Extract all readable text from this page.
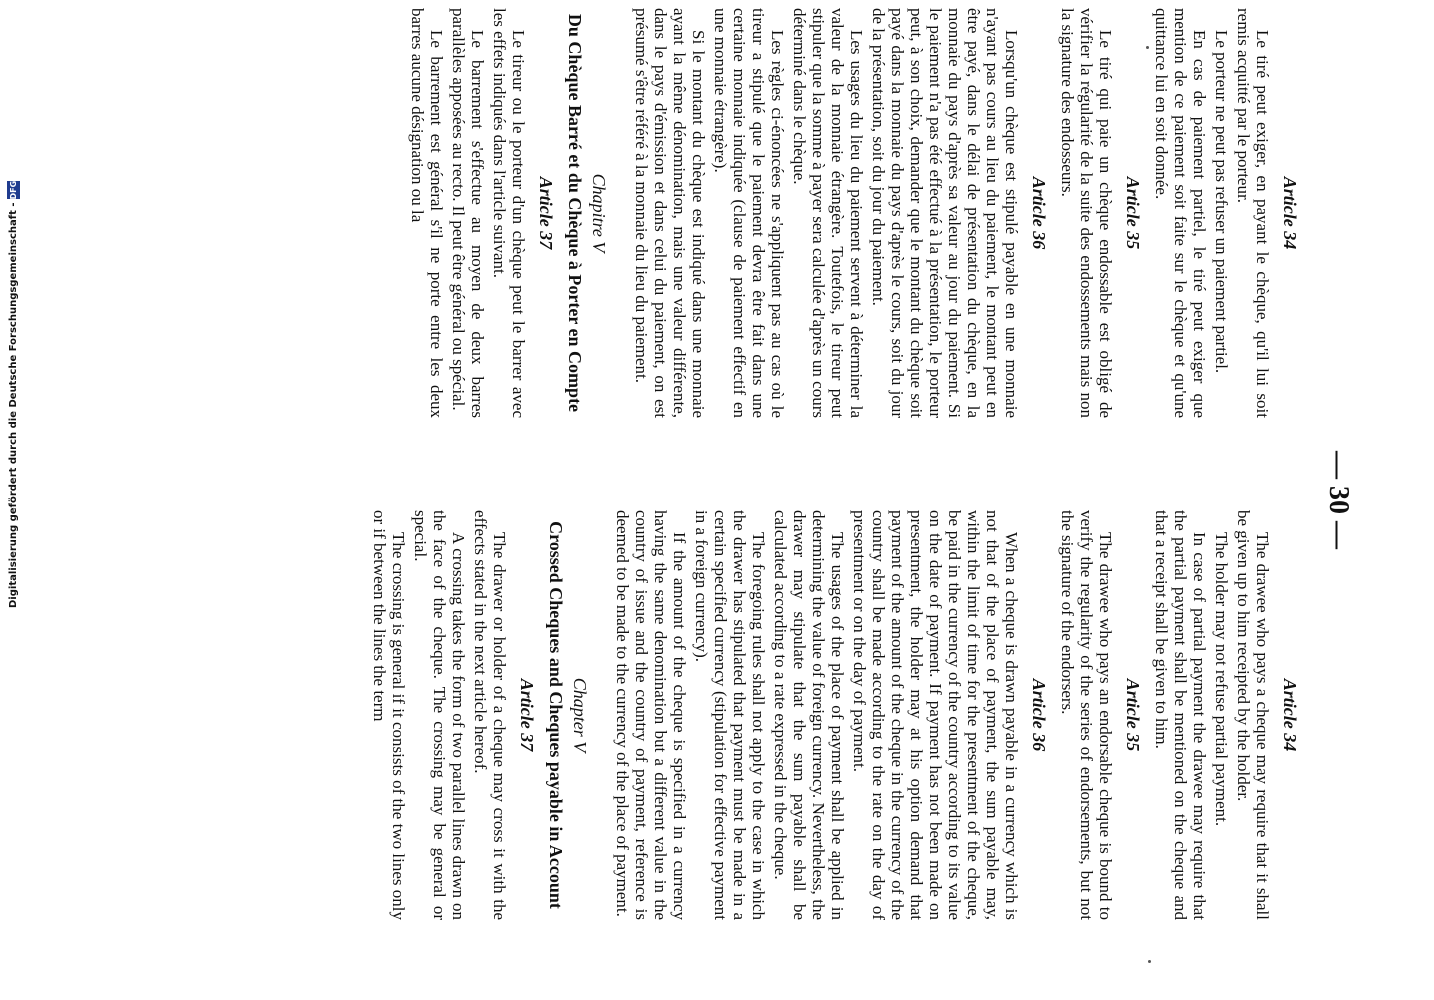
— 30 —
Article 34

Le tiré peut exiger, en payant le chèque, qu'il lui soit remis acquitté par le porteur.

Le porteur ne peut pas refuser un paiement partiel.

En cas de paiement partiel, le tiré peut exiger que mention de ce paiement soit faite sur le chèque et qu'une quittance lui en soit donnée.

Article 35

Le tiré qui paie un chèque endossable est obligé de vérifier la régularité de la suite des endossements mais non la signature des endosseurs.

Article 36

Lorsqu'un chèque est stipulé payable en une monnaie n'ayant pas cours au lieu du paiement, le montant peut en être payé, dans le délai de présentation du chèque, en la monnaie du pays d'après sa valeur au jour du paiement. Si le paiement n'a pas été effectué à la présentation, le porteur peut, à son choix, demander que le montant du chèque soit payé dans la monnaie du pays d'après le cours, soit du jour de la présentation, soit du jour du paiement.

Les usages du lieu du paiement servent à déterminer la valeur de la monnaie étrangère. Toutefois, le tireur peut stipuler que la somme à payer sera calculée d'après un cours déterminé dans le chèque.

Les règles ci-énoncées ne s'appliquent pas au cas où le tireur a stipulé que le paiement devra être fait dans une certaine monnaie indiquée (clause de paiement effectif en une monnaie étrangère).

Si le montant du chèque est indiqué dans une monnaie ayant la même dénomination, mais une valeur différente, dans le pays d'émission et dans celui du paiement, on est présumé s'être référé à la monnaie du lieu du paiement.

Chapitre V
Du Chèque Barré et du Chèque à Porter en Compte
Article 37

Le tireur ou le porteur d'un chèque peut le barrer avec les effets indiqués dans l'article suivant.

Le barrement s'effectue au moyen de deux barres parallèles apposées au recto. Il peut être général ou spécial.

Le barrement est général s'il ne porte entre les deux barres aucune désignation ou la

Article 34

The drawee who pays a cheque may require that it shall be given up to him receipted by the holder.

The holder may not refuse partial payment.

In case of partial payment the drawee may require that the partial payment shall be mentioned on the cheque and that a receipt shall be given to him.

Article 35

The drawee who pays an endorsable cheque is bound to verify the regularity of the series of endorsements, but not the signature of the endorsers.

Article 36

When a cheque is drawn payable in a currency which is not that of the place of payment, the sum payable may, within the limit of time for the presentment of the cheque, be paid in the currency of the country according to its value on the date of payment. If payment has not been made on presentment, the holder may at his option demand that payment of the amount of the cheque in the currency of the country shall be made according to the rate on the day of presentment or on the day of payment.

The usages of the place of payment shall be applied in determining the value of foreign currency. Nevertheless, the drawer may stipulate that the sum payable shall be calculated according to a rate expressed in the cheque.

The foregoing rules shall not apply to the case in which the drawer has stipulated that payment must be made in a certain specified currency (stipulation for effective payment in a foreign currency).

If the amount of the cheque is specified in a currency having the same denomination but a different value in the country of issue and the country of payment, reference is deemed to be made to the currency of the place of payment.

Chapter V
Crossed Cheques and Cheques payable in Account
Article 37

The drawer or holder of a cheque may cross it with the effects stated in the next article hereof.

A crossing takes the form of two parallel lines drawn on the face of the cheque. The crossing may be general or special.

The crossing is general if it consists of the two lines only or if between the lines the term

Digitalisierung gefördert durch die Deutsche Forschungsgemeinschaft -
DFG
